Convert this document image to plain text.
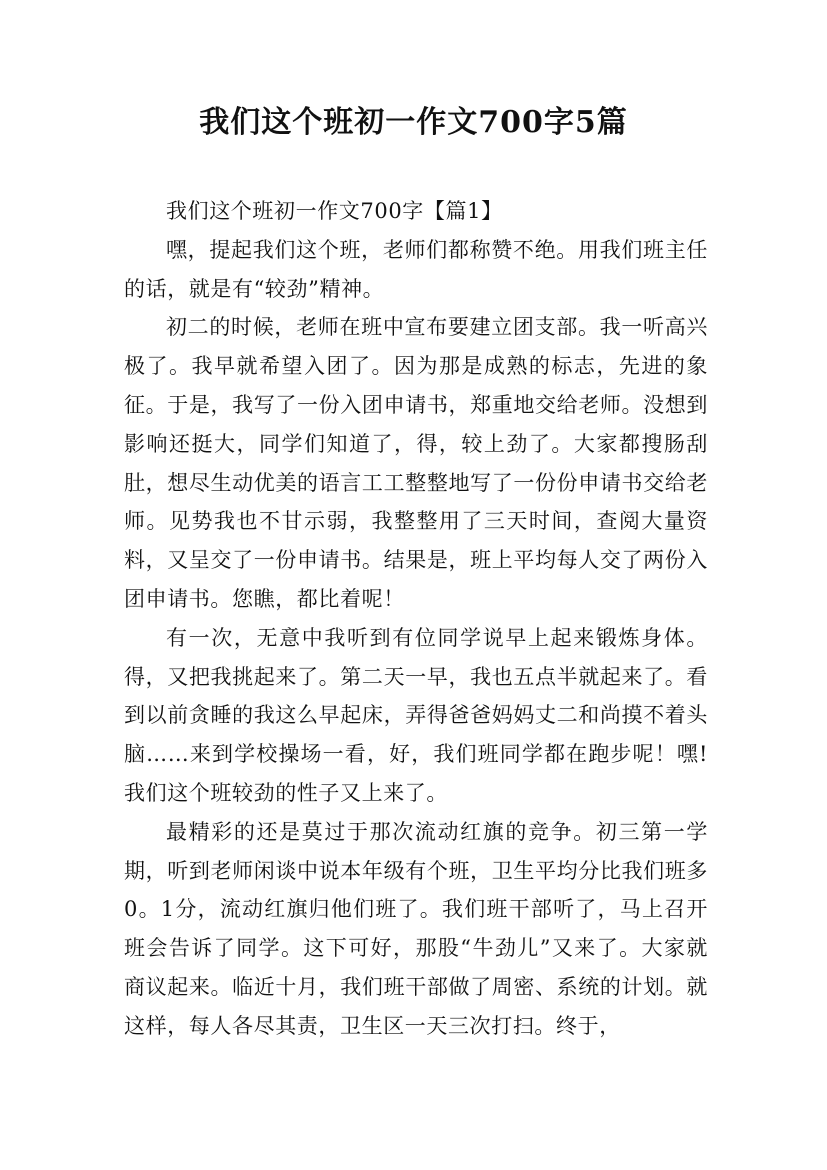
我们这个班初一作文700字5篇

我们这个班初一作文700字【篇1】

嘿，提起我们这个班，老师们都称赞不绝。用我们班主任的话，就是有“较劲”精神。

初二的时候，老师在班中宣布要建立团支部。我一听高兴极了。我早就希望入团了。因为那是成熟的标志，先进的象征。于是，我写了一份入团申请书，郑重地交给老师。没想到影响还挺大，同学们知道了，得，较上劲了。大家都搜肠刮肚，想尽生动优美的语言工工整整地写了一份份申请书交给老师。见势我也不甘示弱，我整整用了三天时间，查阅大量资料，又呈交了一份申请书。结果是，班上平均每人交了两份入团申请书。您瞧，都比着呢！

有一次，无意中我听到有位同学说早上起来锻炼身体。得，又把我挑起来了。第二天一早，我也五点半就起来了。看到以前贪睡的我这么早起床，弄得爸爸妈妈丈二和尚摸不着头脑……来到学校操场一看，好，我们班同学都在跑步呢！嘿!我们这个班较劲的性子又上来了。

最精彩的还是莫过于那次流动红旗的竞争。初三第一学期，听到老师闲谈中说本年级有个班，卫生平均分比我们班多0。1分，流动红旗归他们班了。我们班干部听了，马上召开班会告诉了同学。这下可好，那股“牛劲儿”又来了。大家就商议起来。临近十月，我们班干部做了周密、系统的计划。就这样，每人各尽其责，卫生区一天三次打扫。终于，
